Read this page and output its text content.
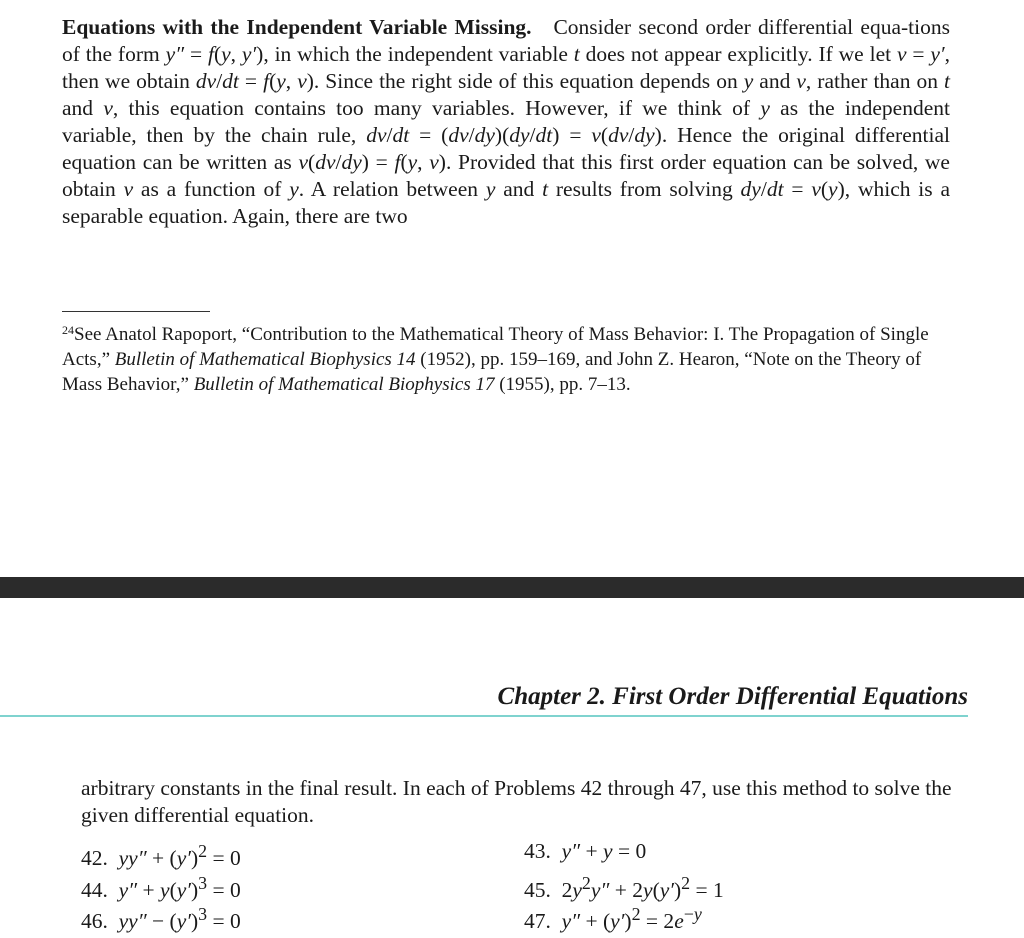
Equations with the Independent Variable Missing. Consider second order differential equa-tions of the form y″ = f(y, y′), in which the independent variable t does not appear explicitly. If we let v = y′, then we obtain dv/dt = f(y, v). Since the right side of this equation depends on y and v, rather than on t and v, this equation contains too many variables. However, if we think of y as the independent variable, then by the chain rule, dv/dt = (dv/dy)(dy/dt) = v(dv/dy). Hence the original differential equation can be written as v(dv/dy) = f(y, v). Provided that this first order equation can be solved, we obtain v as a function of y. A relation between y and t results from solving dy/dt = v(y), which is a separable equation. Again, there are two

$^{24}$See Anatol Rapoport, “Contribution to the Mathematical Theory of Mass Behavior: I. The Propagation of Single Acts,” Bulletin of Mathematical Biophysics 14 (1952), pp. 159–169, and John Z. Hearon, “Note on the Theory of Mass Behavior,” Bulletin of Mathematical Biophysics 17 (1955), pp. 7–13.

Chapter 2. First Order Differential Equations

arbitrary constants in the final result. In each of Problems 42 through 47, use this method to solve the given differential equation.

42. $yy'' + (y')^2 = 0$	43. y″ + y = 0
44. $y'' + y(y')^3 = 0$	45. $2y^2y'' + 2y(y')^2 = 1$
46. $yy'' - (y')^3 = 0$	47. $y'' + (y')^2 = 2e^{-y}$
